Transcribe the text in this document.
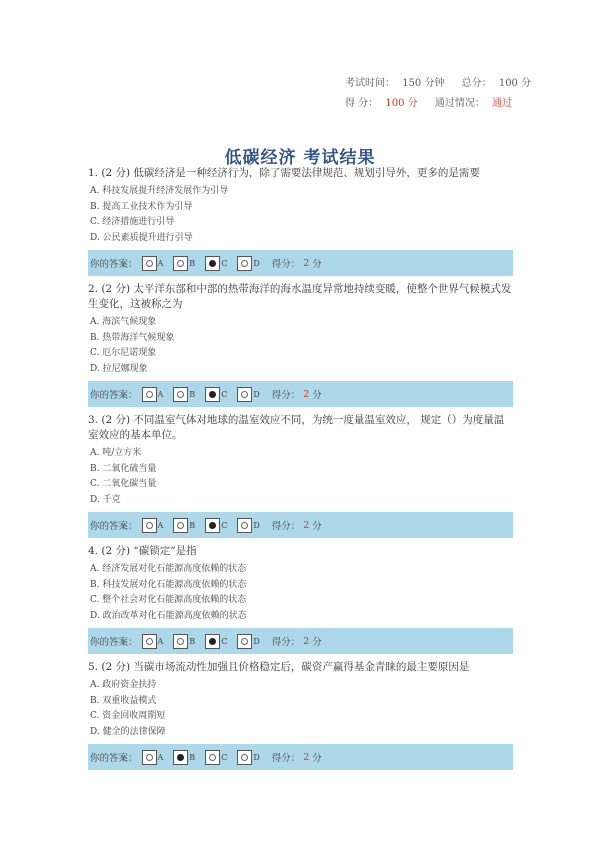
考试时间： 150 分钟 总分： 100 分
得 分： 100 分 通过情况： 通过
低碳经济 考试结果
1. (2 分) 低碳经济是一种经济行为，除了需要法律规范、规划引导外，更多的是需要
A. 科技发展提升经济发展作为引导
B. 提高工业技术作为引导
C. 经济措施进行引导
D. 公民素质提升进行引导
你的答案：	A	B	C	D 得分： 2 分
2. (2 分) 太平洋东部和中部的热带海洋的海水温度异常地持续变暖，使整个世界气候模式发生变化，这被称之为
A. 海滨气候现象
B. 热带海洋气候现象
C. 厄尔尼诺现象
D. 拉尼娜现象
你的答案：	A	B	C	D 得分： 2 分
3. (2 分) 不同温室气体对地球的温室效应不同，为统一度量温室效应， 规定（）为度量温室效应的基本单位。
A. 吨/立方米
B. 二氧化硫当量
C. 二氧化碳当量
D. 千克
你的答案：	A	B	C	D 得分： 2 分
4. (2 分) “碳锁定”是指
A. 经济发展对化石能源高度依赖的状态
B. 科技发展对化石能源高度依赖的状态
C. 整个社会对化石能源高度依赖的状态
D. 政治改革对化石能源高度依赖的状态
你的答案：	A	B	C	D 得分： 2 分
5. (2 分) 当碳市场流动性加强且价格稳定后，碳资产赢得基金青睐的最主要原因是
A. 政府资金扶持
B. 双重收益模式
C. 资金回收周期短
D. 健全的法律保障
你的答案：	A	B	C	D 得分： 2 分
